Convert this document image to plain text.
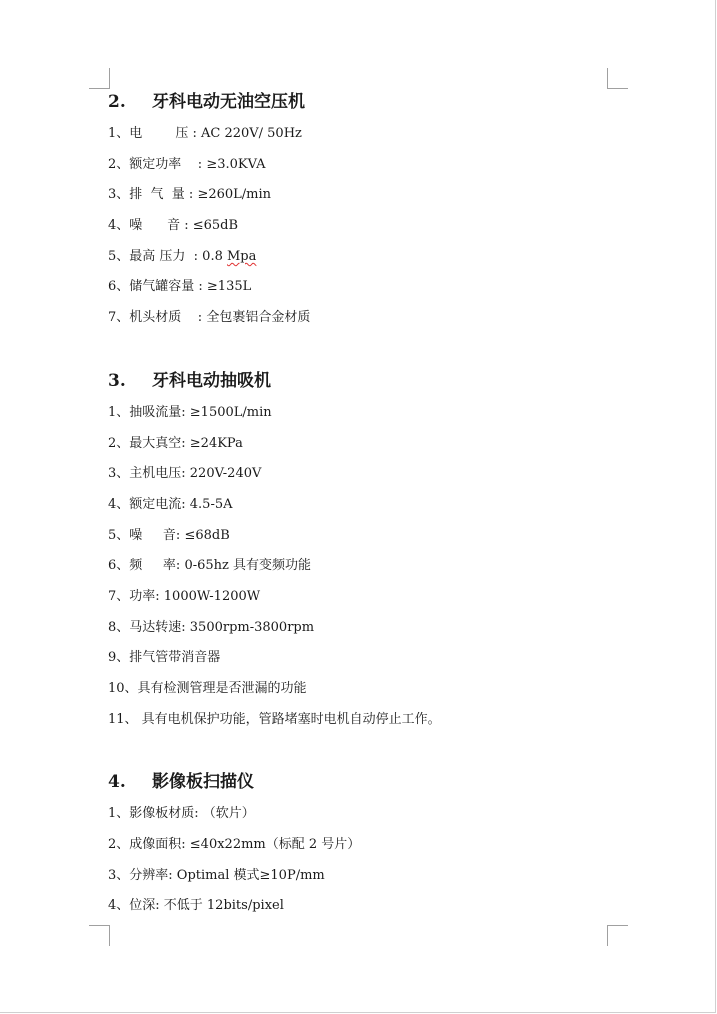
2. 牙科电动无油空压机
1、电        压 : AC 220V/ 50Hz
2、额定功率    : ≥3.0KVA
3、排  气  量 : ≥260L/min
4、噪      音 : ≤65dB
5、最高 压力  : 0.8 Mpa
6、储气罐容量 : ≥135L
7、机头材质    : 全包裹铝合金材质
3. 牙科电动抽吸机
1、抽吸流量: ≥1500L/min
2、最大真空: ≥24KPa
3、主机电压: 220V-240V
4、额定电流: 4.5-5A
5、噪     音: ≤68dB
6、频     率: 0-65hz 具有变频功能
7、功率: 1000W-1200W
8、马达转速: 3500rpm-3800rpm
9、排气管带消音器
10、具有检测管理是否泄漏的功能
11、 具有电机保护功能，管路堵塞时电机自动停止工作。
4. 影像板扫描仪
1、影像板材质: （软片）
2、成像面积: ≤40x22mm（标配 2 号片）
3、分辨率: Optimal 模式≥10P/mm
4、位深: 不低于 12bits/pixel
